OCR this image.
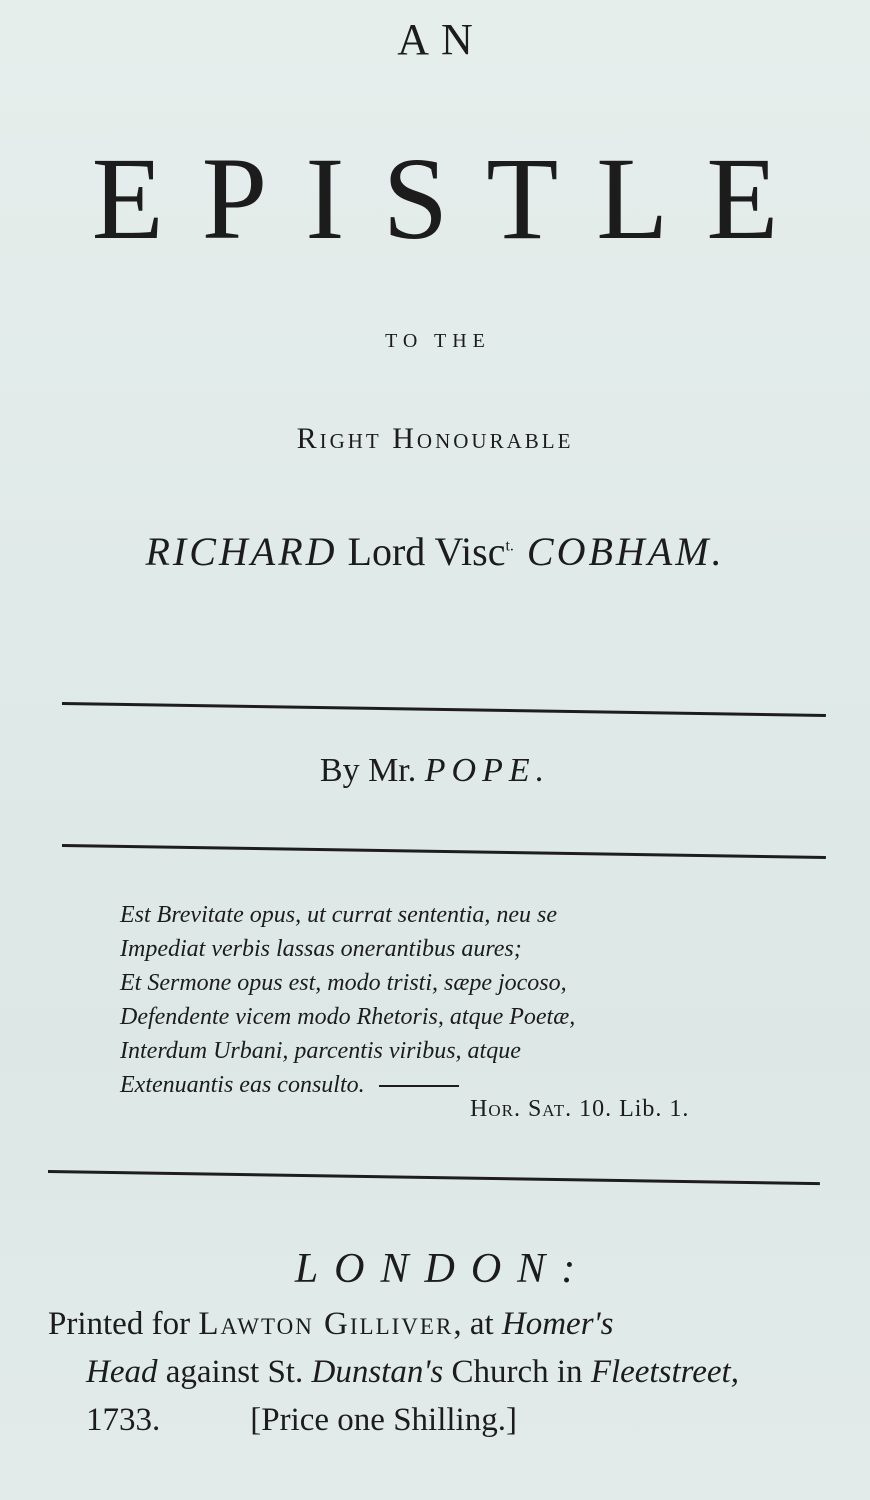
AN
EPISTLE
TO THE
Right Honourable
RICHARD Lord Visc$^{t.}$ COBHAM.
By Mr. POPE.
Est Brevitate opus, ut currat sententia, neu se
Impediat verbis lassas onerantibus aures;
Et Sermone opus est, modo tristi, sæpe jocoso,
Defendente vicem modo Rhetoris, atque Poetæ,
Interdum Urbani, parcentis viribus, atque
Extenuantis eas consulto.
Hor. Sat. 10. Lib. 1.
LONDON:
Printed for Lawton Gilliver, at Homer's
Head against St. Dunstan's Church in Fleetstreet,
1733.	[Price one Shilling.]
